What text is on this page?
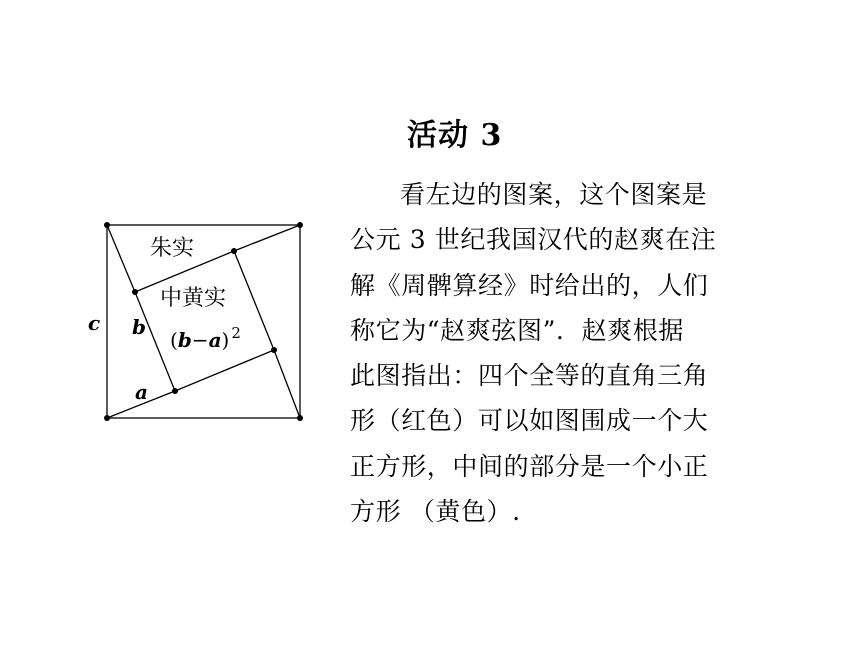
活动 3
看左边的图案，这个图案是
公元 3 世纪我国汉代的赵爽在注
解《周髀算经》时给出的，人们
称它为“赵爽弦图”．赵爽根据
此图指出：四个全等的直角三角
形（红色）可以如图围成一个大
正方形，中间的部分是一个小正
方形 （黄色）.
朱实
中黄实
(b−a) $^2$
c b
a
